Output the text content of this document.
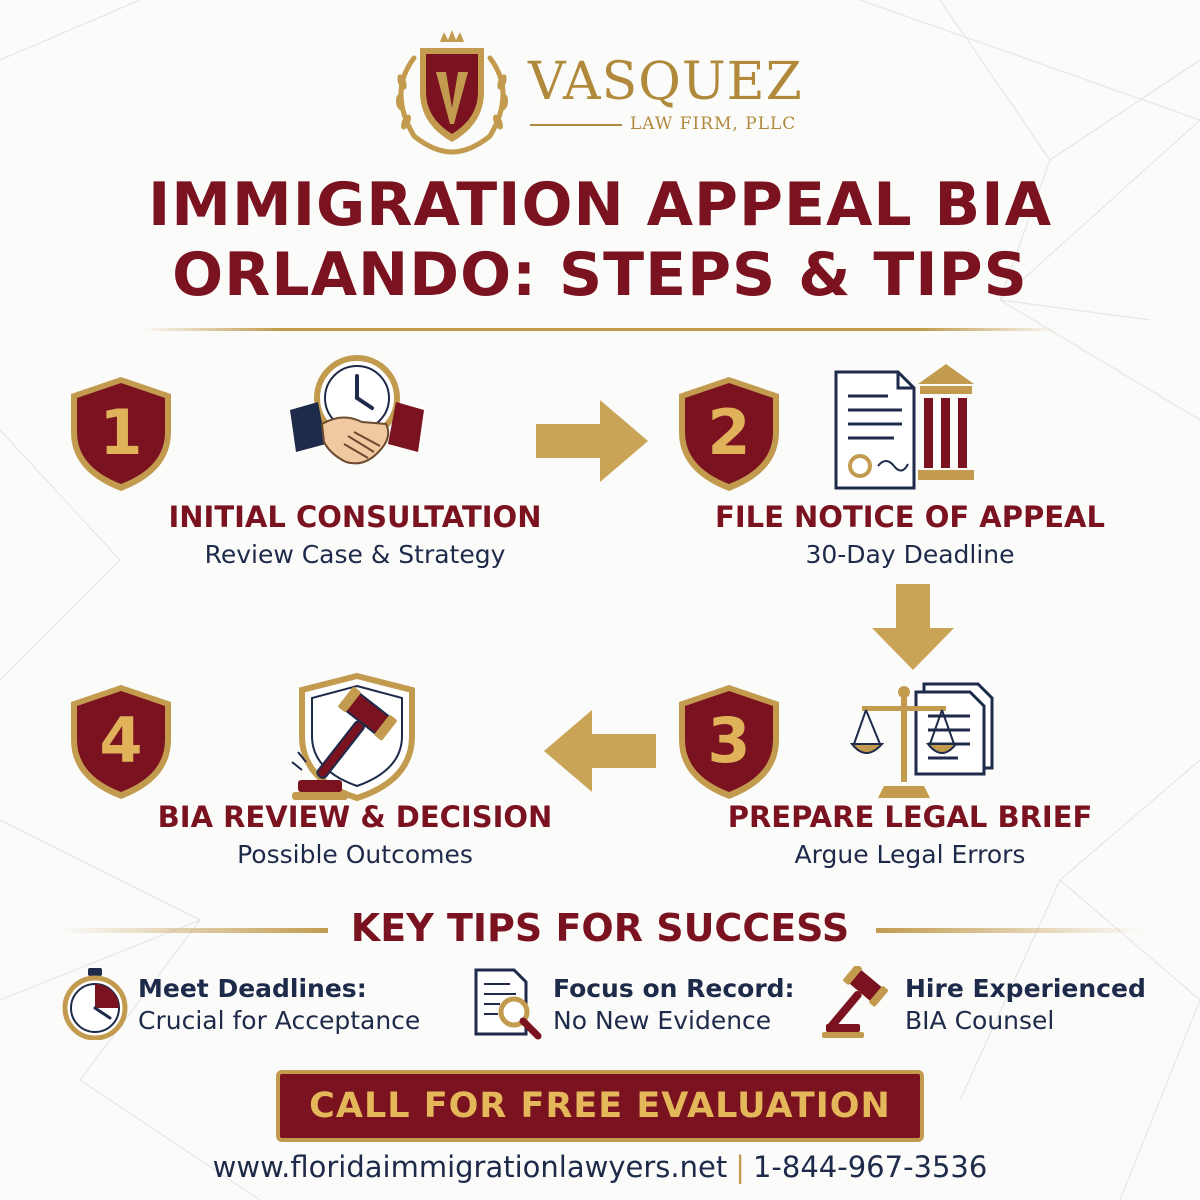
VASQUEZ
LAW FIRM, PLLC
IMMIGRATION APPEAL BIA
ORLANDO: STEPS & TIPS
1	2
3
4
INITIAL CONSULTATION
Review Case & Strategy
FILE NOTICE OF APPEAL
30-Day Deadline
PREPARE LEGAL BRIEF
Argue Legal Errors
BIA REVIEW & DECISION
Possible Outcomes
KEY TIPS FOR SUCCESS
Meet Deadlines:
Crucial for Acceptance
Focus on Record:
No New Evidence
Hire Experienced
BIA Counsel
CALL FOR FREE EVALUATION
www.floridaimmigrationlawyers.net | 1-844-967-3536
